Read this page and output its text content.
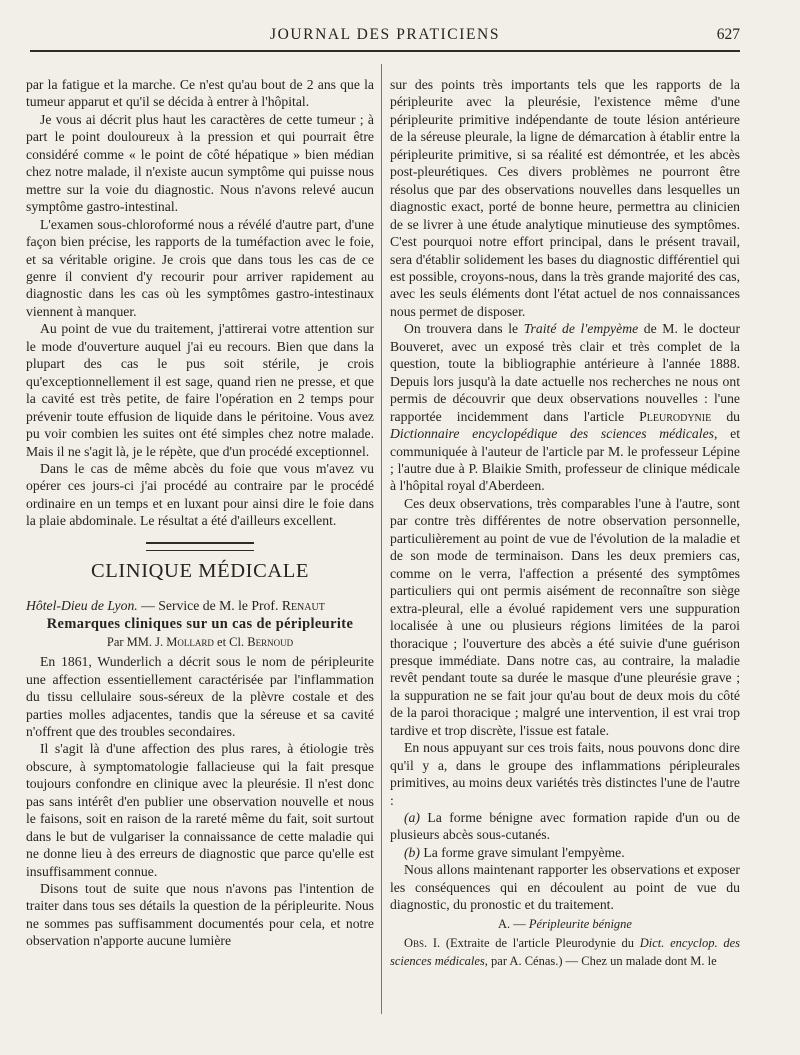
JOURNAL DES PRATICIENS	627

par la fatigue et la marche. Ce n'est qu'au bout de 2 ans que la tumeur apparut et qu'il se décida à entrer à l'hôpital.

Je vous ai décrit plus haut les caractères de cette tumeur ; à part le point douloureux à la pression et qui pourrait être considéré comme « le point de côté hépatique » bien médian chez notre malade, il n'existe aucun symptôme qui puisse nous mettre sur la voie du diagnostic. Nous n'avons relevé aucun symptôme gastro-intestinal.

L'examen sous-chloroformé nous a révélé d'autre part, d'une façon bien précise, les rapports de la tuméfaction avec le foie, et sa véritable origine. Je crois que dans tous les cas de ce genre il convient d'y recourir pour arriver rapidement au diagnostic dans les cas où les symptômes gastro-intestinaux viennent à manquer.

Au point de vue du traitement, j'attirerai votre attention sur le mode d'ouverture auquel j'ai eu recours. Bien que dans la plupart des cas le pus soit stérile, je crois qu'exceptionnellement il est sage, quand rien ne presse, et que la cavité est très petite, de faire l'opération en 2 temps pour prévenir toute effusion de liquide dans le péritoine. Vous avez pu voir combien les suites ont été simples chez notre malade. Mais il ne s'agit là, je le répète, que d'un procédé exceptionnel.

Dans le cas de même abcès du foie que vous m'avez vu opérer ces jours-ci j'ai procédé au contraire par le procédé ordinaire en un temps et en luxant pour ainsi dire le foie dans la plaie abdominale. Le résultat a été d'ailleurs excellent.

CLINIQUE MÉDICALE

Hôtel-Dieu de Lyon. — Service de M. le Prof. Renaut

Remarques cliniques sur un cas de péripleurite

Par MM. J. Mollard et Cl. Bernoud

En 1861, Wunderlich a décrit sous le nom de péripleurite une affection essentiellement caractérisée par l'inflammation du tissu cellulaire sous-séreux de la plèvre costale et des parties molles adjacentes, tandis que la séreuse et sa cavité n'offrent que des troubles secondaires.

Il s'agit là d'une affection des plus rares, à étiologie très obscure, à symptomatologie fallacieuse qui la fait presque toujours confondre en clinique avec la pleurésie. Il n'est donc pas sans intérêt d'en publier une observation nouvelle et nous le faisons, soit en raison de la rareté même du fait, soit surtout dans le but de vulgariser la connaissance de cette maladie qui ne donne lieu à des erreurs de diagnostic que parce qu'elle est insuffisamment connue.

Disons tout de suite que nous n'avons pas l'intention de traiter dans tous ses détails la question de la péripleurite. Nous ne sommes pas suffisamment documentés pour cela, et notre observation n'apporte aucune lumière

sur des points très importants tels que les rapports de la péripleurite avec la pleurésie, l'existence même d'une péripleurite primitive indépendante de toute lésion antérieure de la séreuse pleurale, la ligne de démarcation à établir entre la péripleurite primitive, si sa réalité est démontrée, et les abcès post-pleurétiques. Ces divers problèmes ne pourront être résolus que par des observations nouvelles dans lesquelles un diagnostic exact, porté de bonne heure, permettra au clinicien de se livrer à une étude analytique minutieuse des symptômes. C'est pourquoi notre effort principal, dans le présent travail, sera d'établir solidement les bases du diagnostic différentiel qui est possible, croyons-nous, dans la très grande majorité des cas, avec les seuls éléments dont l'état actuel de nos connaissances nous permet de disposer.

On trouvera dans le Traité de l'empyème de M. le docteur Bouveret, avec un exposé très clair et très complet de la question, toute la bibliographie antérieure à l'année 1888. Depuis lors jusqu'à la date actuelle nos recherches ne nous ont permis de découvrir que deux observations nouvelles : l'une rapportée incidemment dans l'article Pleurodynie du Dictionnaire encyclopédique des sciences médicales, et communiquée à l'auteur de l'article par M. le professeur Lépine ; l'autre due à P. Blaikie Smith, professeur de clinique médicale à l'hôpital royal d'Aberdeen.

Ces deux observations, très comparables l'une à l'autre, sont par contre très différentes de notre observation personnelle, particulièrement au point de vue de l'évolution de la maladie et de son mode de terminaison. Dans les deux premiers cas, comme on le verra, l'affection a présenté des symptômes particuliers qui ont permis aisément de reconnaître son siège extra-pleural, elle a évolué rapidement vers une suppuration localisée à une ou plusieurs régions limitées de la paroi thoracique ; l'ouverture des abcès a été suivie d'une guérison presque immédiate. Dans notre cas, au contraire, la maladie revêt pendant toute sa durée le masque d'une pleurésie grave ; la suppuration ne se fait jour qu'au bout de deux mois du côté de la paroi thoracique ; malgré une intervention, il est vrai trop tardive et trop discrète, l'issue est fatale.

En nous appuyant sur ces trois faits, nous pouvons donc dire qu'il y a, dans le groupe des inflammations péripleurales primitives, au moins deux variétés très distinctes l'une de l'autre :

(a) La forme bénigne avec formation rapide d'un ou de plusieurs abcès sous-cutanés.

(b) La forme grave simulant l'empyème.

Nous allons maintenant rapporter les observations et exposer les conséquences qui en découlent au point de vue du diagnostic, du pronostic et du traitement.

A. — Péripleurite bénigne

Obs. I. (Extraite de l'article Pleurodynie du Dict. encyclop. des sciences médicales, par A. Cénas.) — Chez un malade dont M. le
